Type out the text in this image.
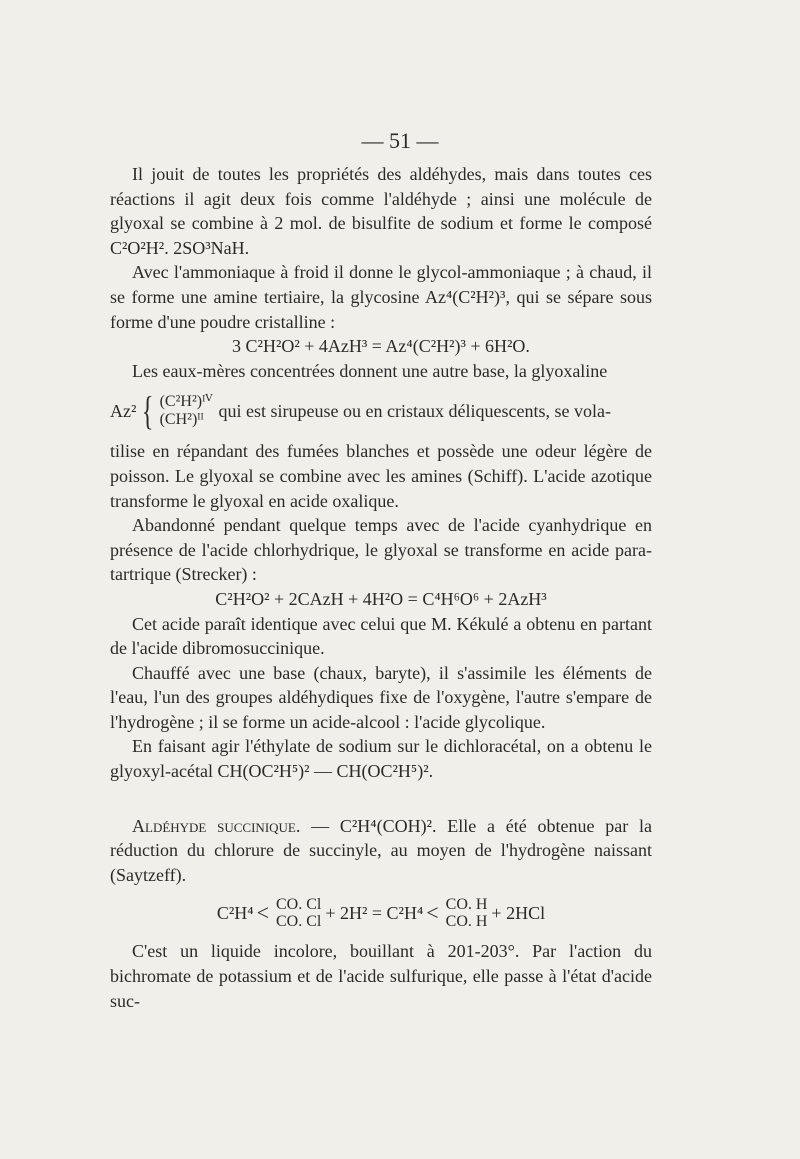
— 51 —
Il jouit de toutes les propriétés des aldéhydes, mais dans toutes ces réactions il agit deux fois comme l'aldéhyde ; ainsi une molécule de glyoxal se combine à 2 mol. de bisulfite de sodium et forme le composé C²O²H². 2SO³NaH.
Avec l'ammoniaque à froid il donne le glycol-ammoniaque ; à chaud, il se forme une amine tertiaire, la glycosine Az⁴(C²H²)³, qui se sépare sous forme d'une poudre cristalline :
3 C²H²O² + 4AzH³ = Az⁴(C²H²)³ + 6H²O.
Les eaux-mères concentrées donnent une autre base, la glyoxaline
Az² { (C²H²)ᴵⱽ
(CH²)ᴵᴵ qui est sirupeuse ou en cristaux déliquescents, se vola-
tilise en répandant des fumées blanches et possède une odeur légère de poisson. Le glyoxal se combine avec les amines (Schiff). L'acide azotique transforme le glyoxal en acide oxalique.
Abandonné pendant quelque temps avec de l'acide cyanhydrique en présence de l'acide chlorhydrique, le glyoxal se transforme en acide para-tartrique (Strecker) :
C²H²O² + 2CAzH + 4H²O = C⁴H⁶O⁶ + 2AzH³
Cet acide paraît identique avec celui que M. Kékulé a obtenu en partant de l'acide dibromosuccinique.
Chauffé avec une base (chaux, baryte), il s'assimile les éléments de l'eau, l'un des groupes aldéhydiques fixe de l'oxygène, l'autre s'empare de l'hydrogène ; il se forme un acide-alcool : l'acide glycolique.
En faisant agir l'éthylate de sodium sur le dichloracétal, on a obtenu le glyoxyl-acétal CH(OC²H⁵)² — CH(OC²H⁵)².
Aldéhyde succinique. — C²H⁴(COH)². Elle a été obtenue par la réduction du chlorure de succinyle, au moyen de l'hydrogène naissant (Saytzeff).
C²H⁴ < CO. Cl
CO. Cl + 2H² = C²H⁴ < CO. H
CO. H + 2HCl
C'est un liquide incolore, bouillant à 201-203°. Par l'action du bichromate de potassium et de l'acide sulfurique, elle passe à l'état d'acide suc-
